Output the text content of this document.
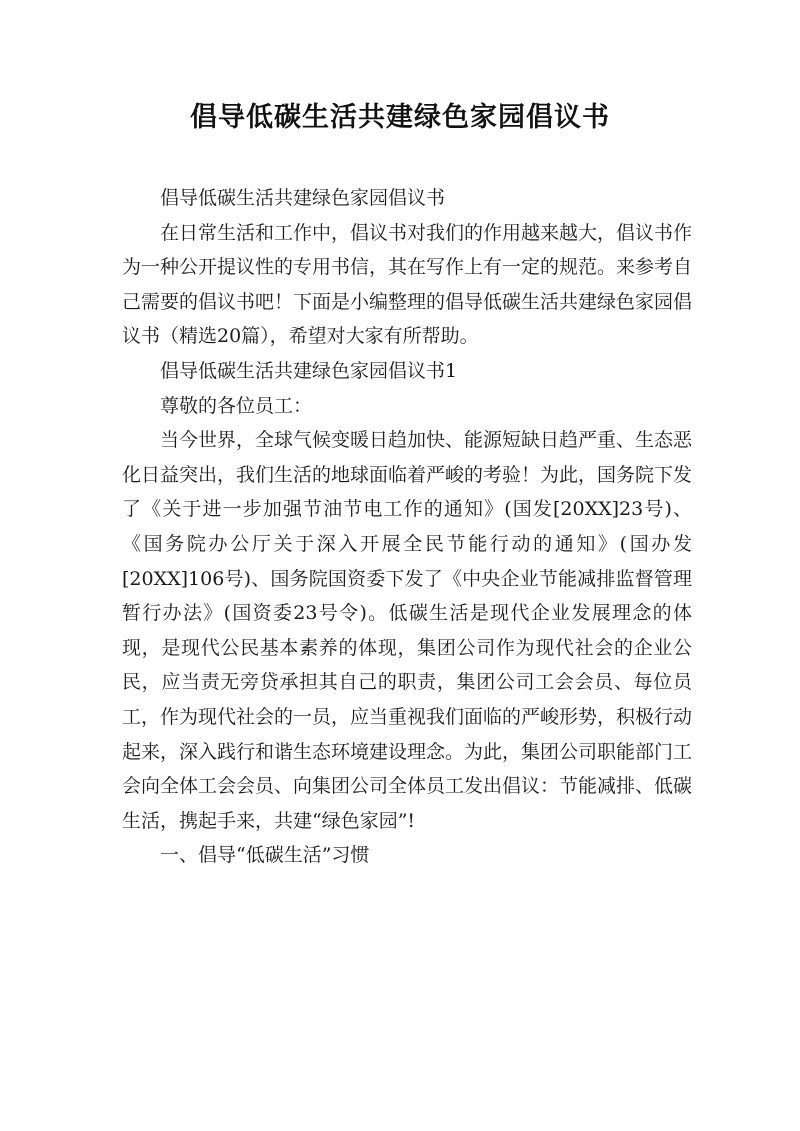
倡导低碳生活共建绿色家园倡议书

倡导低碳生活共建绿色家园倡议书

在日常生活和工作中，倡议书对我们的作用越来越大，倡议书作为一种公开提议性的专用书信，其在写作上有一定的规范。来参考自己需要的倡议书吧！下面是小编整理的倡导低碳生活共建绿色家园倡议书（精选20篇），希望对大家有所帮助。

倡导低碳生活共建绿色家园倡议书1

尊敬的各位员工：

当今世界，全球气候变暖日趋加快、能源短缺日趋严重、生态恶化日益突出，我们生活的地球面临着严峻的考验！为此，国务院下发了《关于进一步加强节油节电工作的通知》(国发[20XX]23号)、《国务院办公厅关于深入开展全民节能行动的通知》(国办发[20XX]106号)、国务院国资委下发了《中央企业节能减排监督管理暂行办法》(国资委23号令)。低碳生活是现代企业发展理念的体现，是现代公民基本素养的体现，集团公司作为现代社会的企业公民，应当责无旁贷承担其自己的职责，集团公司工会会员、每位员工，作为现代社会的一员，应当重视我们面临的严峻形势，积极行动起来，深入践行和谐生态环境建设理念。为此，集团公司职能部门工会向全体工会会员、向集团公司全体员工发出倡议：节能减排、低碳生活，携起手来，共建“绿色家园”!

一、倡导“低碳生活”习惯
